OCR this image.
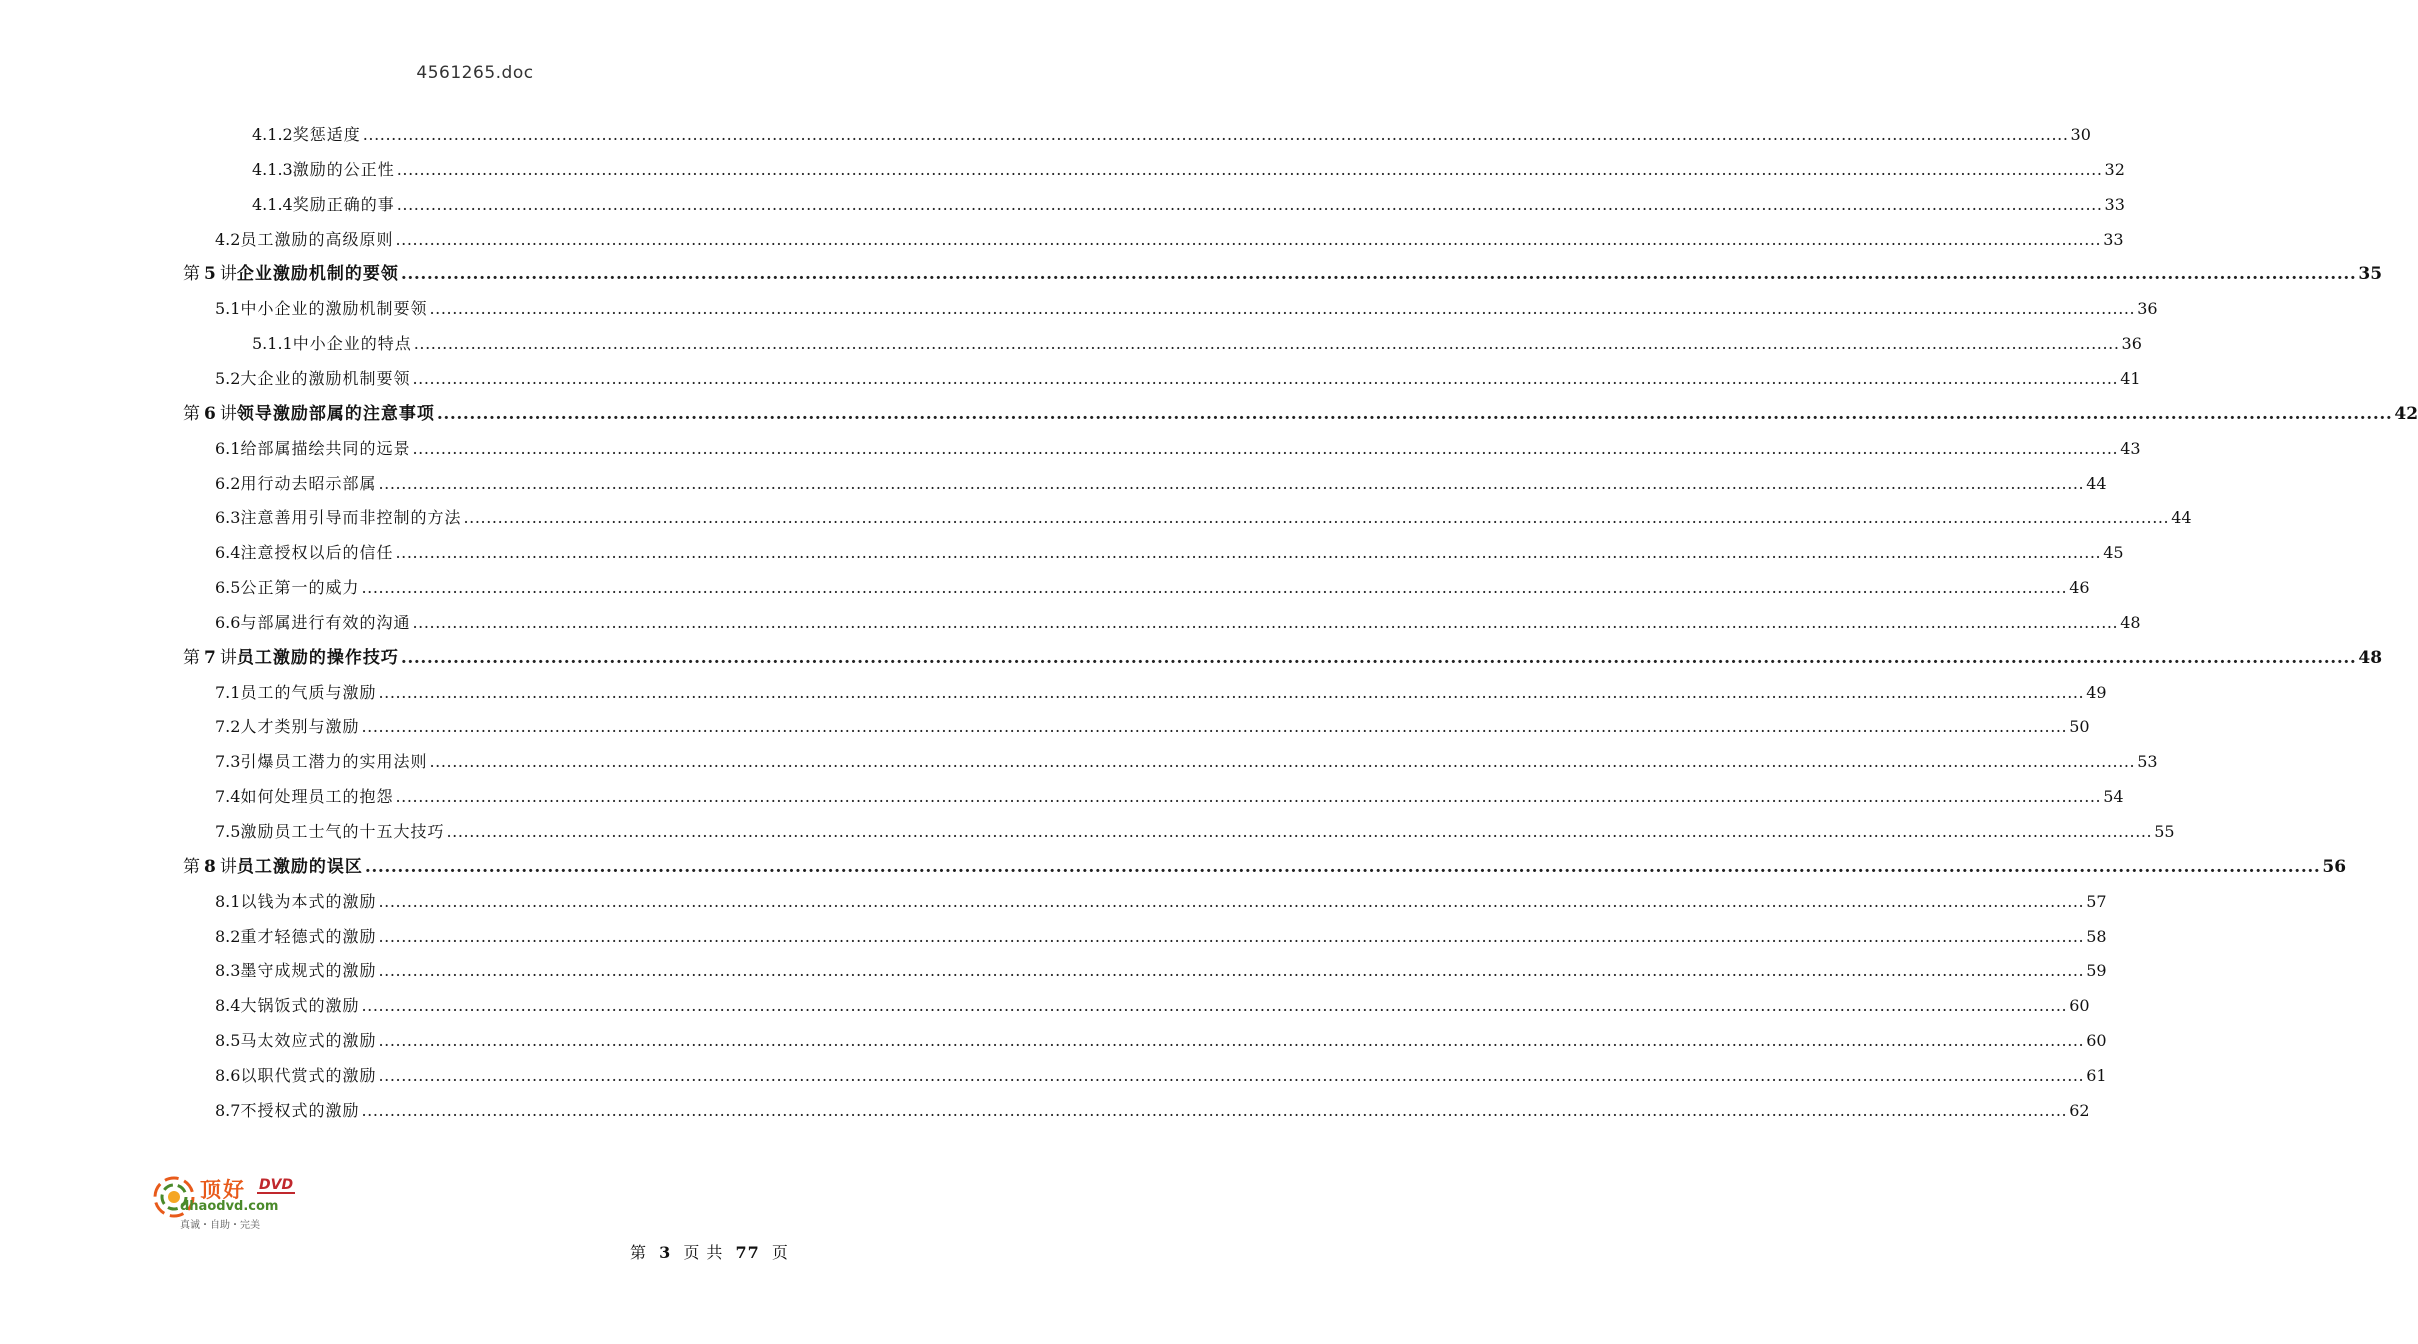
4561265.doc
4.1.2 奖惩适度 ............................................................................................................................................................................................................................................................................................................ 30
4.1.3 激励的公正性 ............................................................................................................................................................................................................................................................................................................ 32
4.1.4 奖励正确的事 ............................................................................................................................................................................................................................................................................................................ 33
4.2 员工激励的高级原则 ............................................................................................................................................................................................................................................................................................................ 33
第 5 讲 企业激励机制的要领 ............................................................................................................................................................................................................................................................................................................ 35
5.1 中小企业的激励机制要领 ............................................................................................................................................................................................................................................................................................................ 36
5.1.1 中小企业的特点 ............................................................................................................................................................................................................................................................................................................ 36
5.2 大企业的激励机制要领 ............................................................................................................................................................................................................................................................................................................ 41
第 6 讲 领导激励部属的注意事项 ............................................................................................................................................................................................................................................................................................................ 42
6.1 给部属描绘共同的远景 ............................................................................................................................................................................................................................................................................................................ 43
6.2 用行动去昭示部属 ............................................................................................................................................................................................................................................................................................................ 44
6.3 注意善用引导而非控制的方法 ............................................................................................................................................................................................................................................................................................................ 44
6.4 注意授权以后的信任 ............................................................................................................................................................................................................................................................................................................ 45
6.5 公正第一的威力 ............................................................................................................................................................................................................................................................................................................ 46
6.6 与部属进行有效的沟通 ............................................................................................................................................................................................................................................................................................................ 48
第 7 讲 员工激励的操作技巧 ............................................................................................................................................................................................................................................................................................................ 48
7.1 员工的气质与激励 ............................................................................................................................................................................................................................................................................................................ 49
7.2 人才类别与激励 ............................................................................................................................................................................................................................................................................................................ 50
7.3 引爆员工潜力的实用法则 ............................................................................................................................................................................................................................................................................................................ 53
7.4 如何处理员工的抱怨 ............................................................................................................................................................................................................................................................................................................ 54
7.5 激励员工士气的十五大技巧 ............................................................................................................................................................................................................................................................................................................ 55
第 8 讲 员工激励的误区 ............................................................................................................................................................................................................................................................................................................ 56
8.1 以钱为本式的激励 ............................................................................................................................................................................................................................................................................................................ 57
8.2 重才轻德式的激励 ............................................................................................................................................................................................................................................................................................................ 58
8.3 墨守成规式的激励 ............................................................................................................................................................................................................................................................................................................ 59
8.4 大锅饭式的激励 ............................................................................................................................................................................................................................................................................................................ 60
8.5 马太效应式的激励 ............................................................................................................................................................................................................................................................................................................ 60
8.6 以职代赏式的激励 ............................................................................................................................................................................................................................................................................................................ 61
8.7 不授权式的激励 ............................................................................................................................................................................................................................................................................................................ 62
顶好 DVD
dhaodvd.com
真诚・自助・完美
第 3 页 共 77 页
